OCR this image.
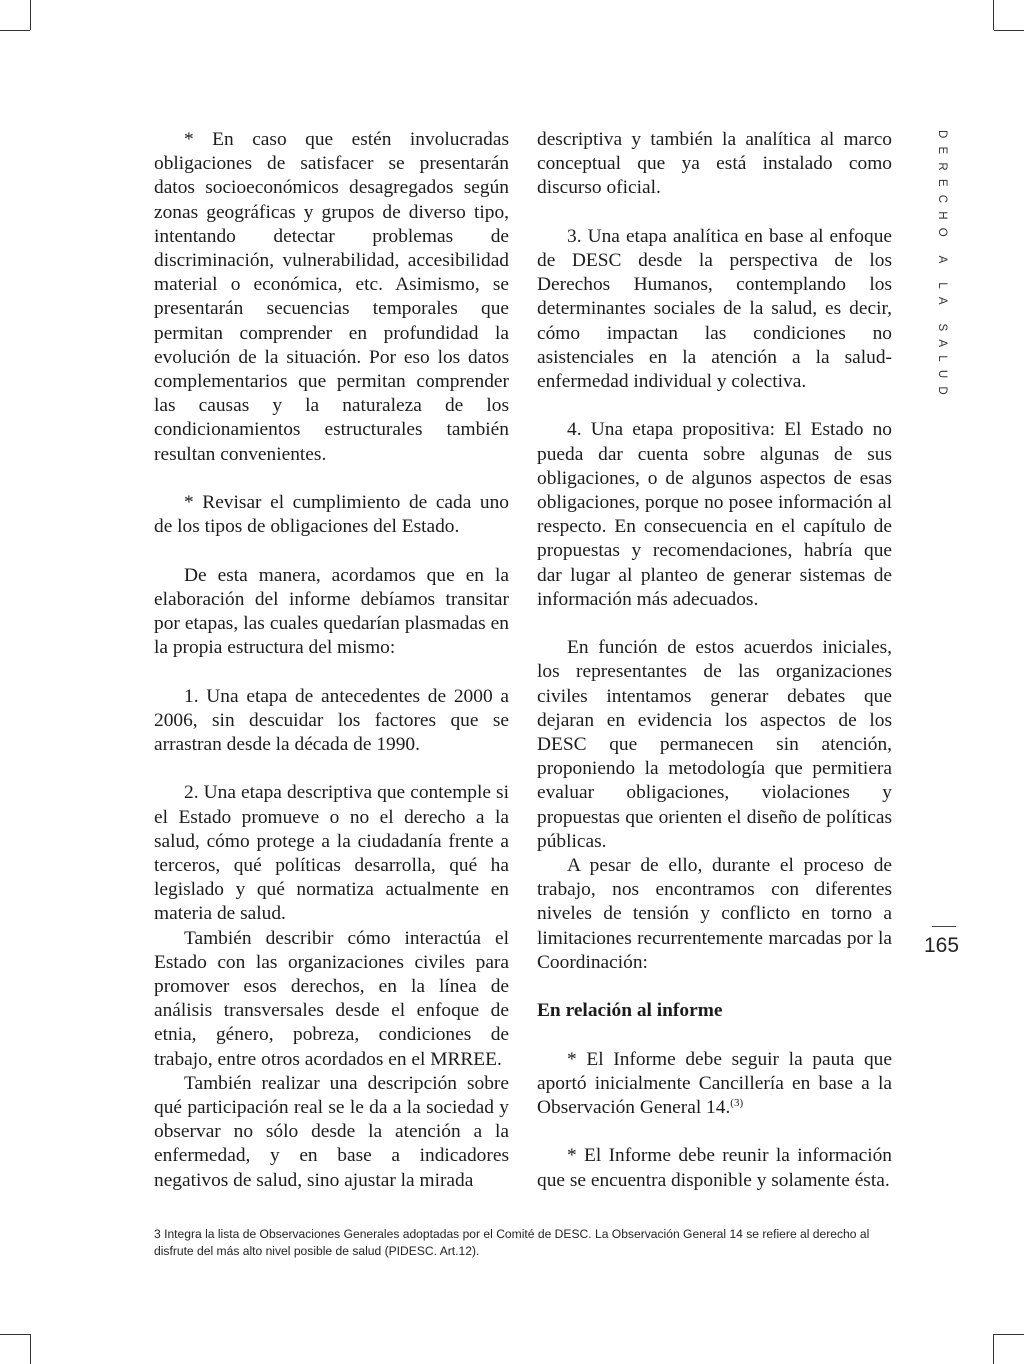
* En caso que estén involucradas obligaciones de satisfacer se presentarán datos socioeconómicos desagregados según zonas geográficas y grupos de diverso tipo, intentando detectar problemas de discriminación, vulnerabilidad, accesibilidad material o económica, etc. Asimismo, se presentarán secuencias temporales que permitan comprender en profundidad la evolución de la situación. Por eso los datos complementarios que permitan comprender las causas y la naturaleza de los condicionamientos estructurales también resultan convenientes.

* Revisar el cumplimiento de cada uno de los tipos de obligaciones del Estado.

De esta manera, acordamos que en la elaboración del informe debíamos transitar por etapas, las cuales quedarían plasmadas en la propia estructura del mismo:

1. Una etapa de antecedentes de 2000 a 2006, sin descuidar los factores que se arrastran desde la década de 1990.

2. Una etapa descriptiva que contemple si el Estado promueve o no el derecho a la salud, cómo protege a la ciudadanía frente a terceros, qué políticas desarrolla, qué ha legislado y qué normatiza actualmente en materia de salud.

También describir cómo interactúa el Estado con las organizaciones civiles para promover esos derechos, en la línea de análisis transversales desde el enfoque de etnia, género, pobreza, condiciones de trabajo, entre otros acordados en el MRREE.

También realizar una descripción sobre qué participación real se le da a la sociedad y observar no sólo desde la atención a la enfermedad, y en base a indicadores negativos de salud, sino ajustar la mirada

descriptiva y también la analítica al marco conceptual que ya está instalado como discurso oficial.

3. Una etapa analítica en base al enfoque de DESC desde la perspectiva de los Derechos Humanos, contemplando los determinantes sociales de la salud, es decir, cómo impactan las condiciones no asistenciales en la atención a la salud-enfermedad individual y colectiva.

4. Una etapa propositiva: El Estado no pueda dar cuenta sobre algunas de sus obligaciones, o de algunos aspectos de esas obligaciones, porque no posee información al respecto. En consecuencia en el capítulo de propuestas y recomendaciones, habría que dar lugar al planteo de generar sistemas de información más adecuados.

En función de estos acuerdos iniciales, los representantes de las organizaciones civiles intentamos generar debates que dejaran en evidencia los aspectos de los DESC que permanecen sin atención, proponiendo la metodología que permitiera evaluar obligaciones, violaciones y propuestas que orienten el diseño de políticas públicas.

A pesar de ello, durante el proceso de trabajo, nos encontramos con diferentes niveles de tensión y conflicto en torno a limitaciones recurrentemente marcadas por la Coordinación:

En relación al informe

* El Informe debe seguir la pauta que aportó inicialmente Cancillería en base a la Observación General 14.$^{(3)}$

* El Informe debe reunir la información que se encuentra disponible y solamente ésta.

DERECHO A LA SALUD
165
3 Integra la lista de Observaciones Generales adoptadas por el Comité de DESC. La Observación General 14 se refiere al derecho al disfrute del más alto nivel posible de salud (PIDESC. Art.12).
